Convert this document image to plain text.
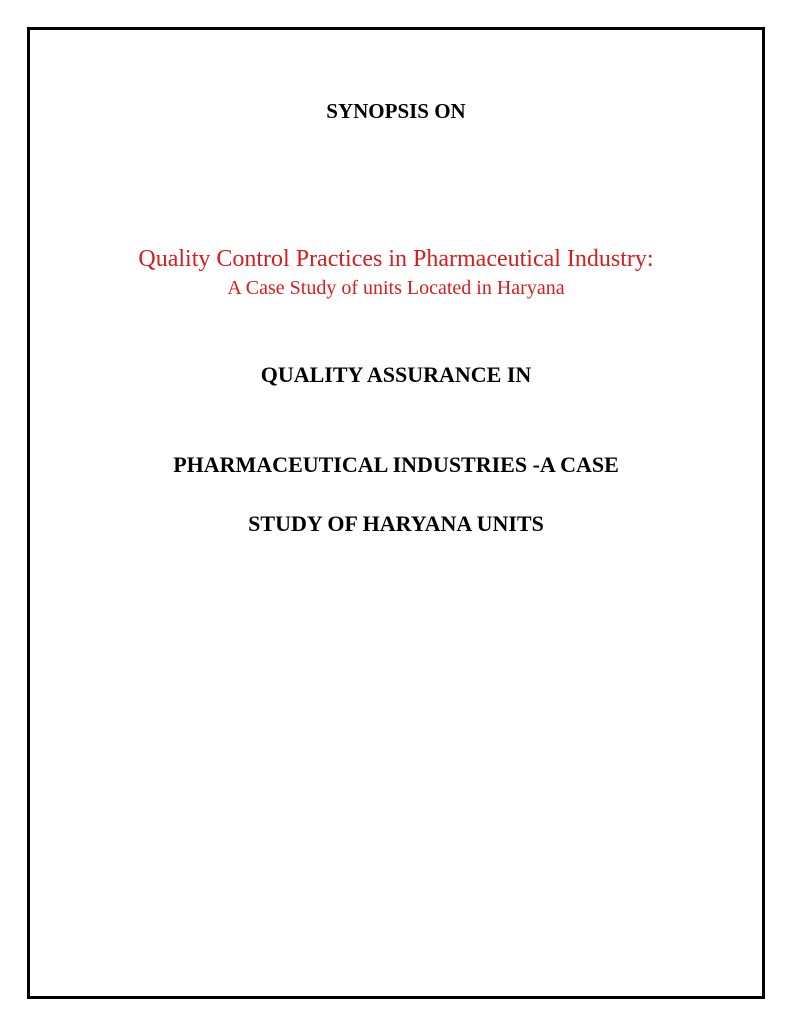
SYNOPSIS ON
Quality Control Practices in Pharmaceutical Industry:
A Case Study of units Located in Haryana
QUALITY ASSURANCE IN
PHARMACEUTICAL INDUSTRIES -A CASE
STUDY OF HARYANA UNITS
